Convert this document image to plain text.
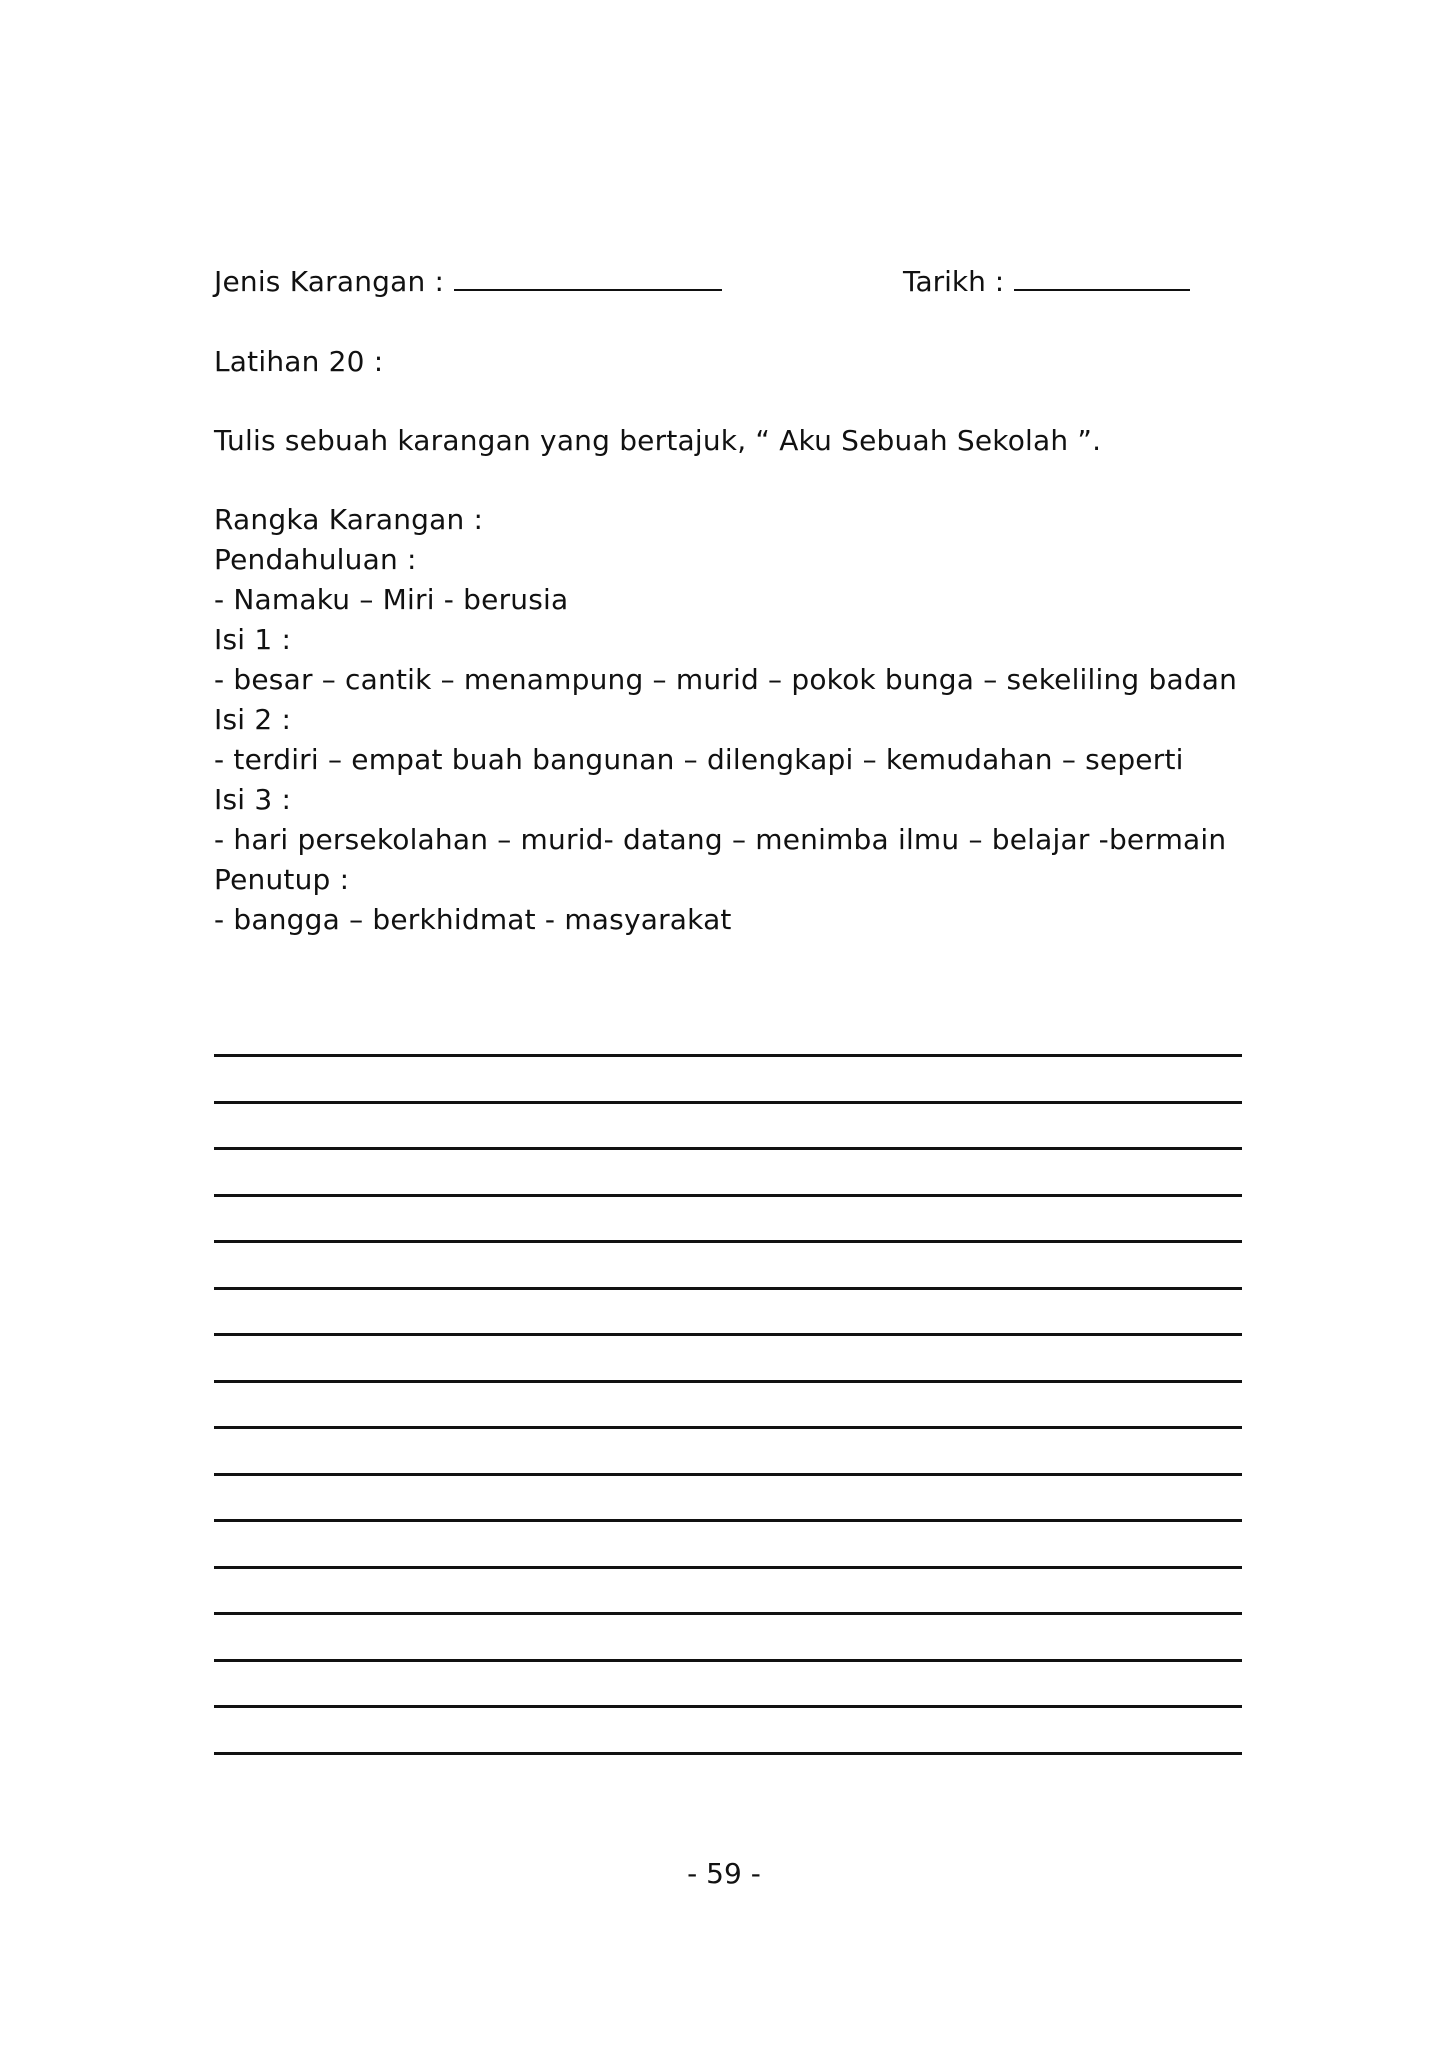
Jenis Karangan :	Tarikh :
Latihan 20 :
Tulis sebuah karangan yang bertajuk, “ Aku Sebuah Sekolah ”.
Rangka Karangan :
Pendahuluan :
- Namaku – Miri - berusia
Isi 1 :
- besar – cantik – menampung – murid – pokok bunga – sekeliling badan
Isi 2 :
- terdiri – empat buah bangunan – dilengkapi – kemudahan – seperti
Isi 3 :
- hari persekolahan – murid- datang – menimba ilmu – belajar -bermain
Penutup :
- bangga – berkhidmat - masyarakat
- 59 -
